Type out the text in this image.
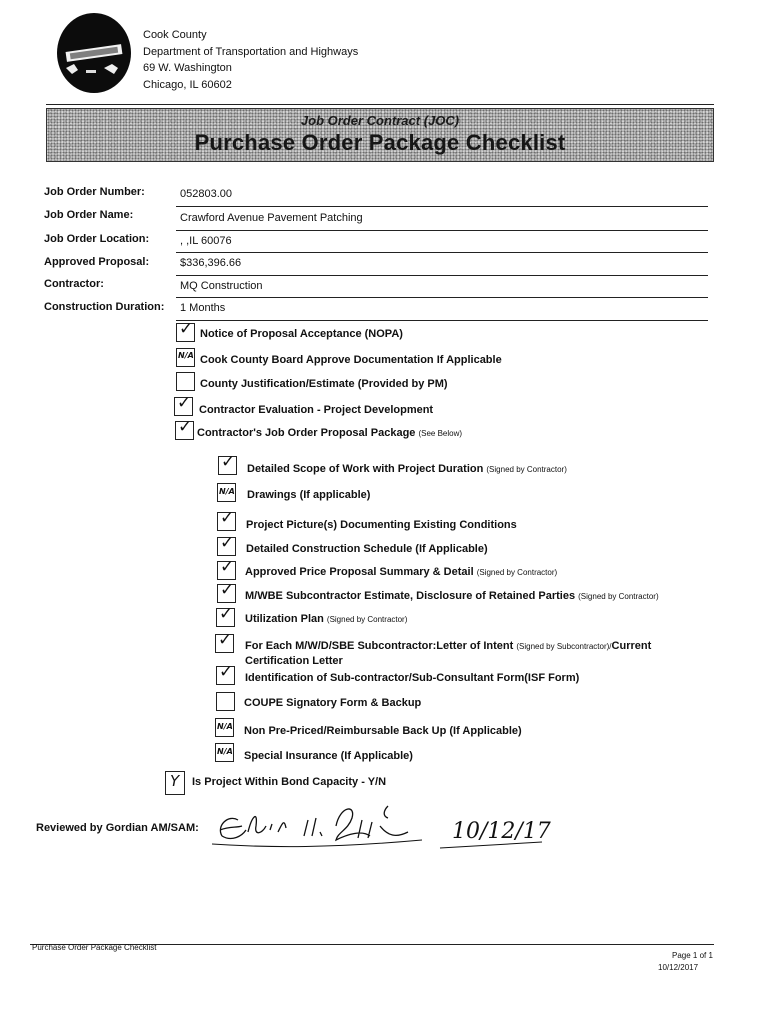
Cook County
Department of Transportation and Highways
69 W. Washington
Chicago, IL 60602
Job Order Contract (JOC)
Purchase Order Package Checklist
Job Order Number:	052803.00
Job Order Name:	Crawford Avenue Pavement Patching
Job Order Location:	, ,IL 60076
Approved Proposal:	$336,396.66
Contractor:	MQ Construction
Construction Duration: 1 Months
✓ Notice of Proposal Acceptance (NOPA)
N/A Cook County Board Approve Documentation If Applicable
County Justification/Estimate (Provided by PM)
✓ Contractor Evaluation - Project Development
✓ Contractor's Job Order Proposal Package (See Below)
✓ Detailed Scope of Work with Project Duration (Signed by Contractor)
N/A Drawings (If applicable)
✓ Project Picture(s) Documenting Existing Conditions
✓ Detailed Construction Schedule (If Applicable)
✓ Approved Price Proposal Summary & Detail (Signed by Contractor)
✓ M/WBE Subcontractor Estimate, Disclosure of Retained Parties (Signed by Contractor)
✓ Utilization Plan (Signed by Contractor)
✓ For Each M/W/D/SBE Subcontractor:Letter of Intent (Signed by Subcontractor)/Current
Certification Letter
✓ Identification of Sub-contractor/Sub-Consultant Form(ISF Form)
COUPE Signatory Form & Backup
N/A Non Pre-Priced/Reimbursable Back Up (If Applicable)
N/A Special Insurance (If Applicable)
Y Is Project Within Bond Capacity - Y/N
Reviewed by Gordian AM/SAM:	10/12/17
Purchase Order Package Checklist
Page 1 of 1
10/12/2017
